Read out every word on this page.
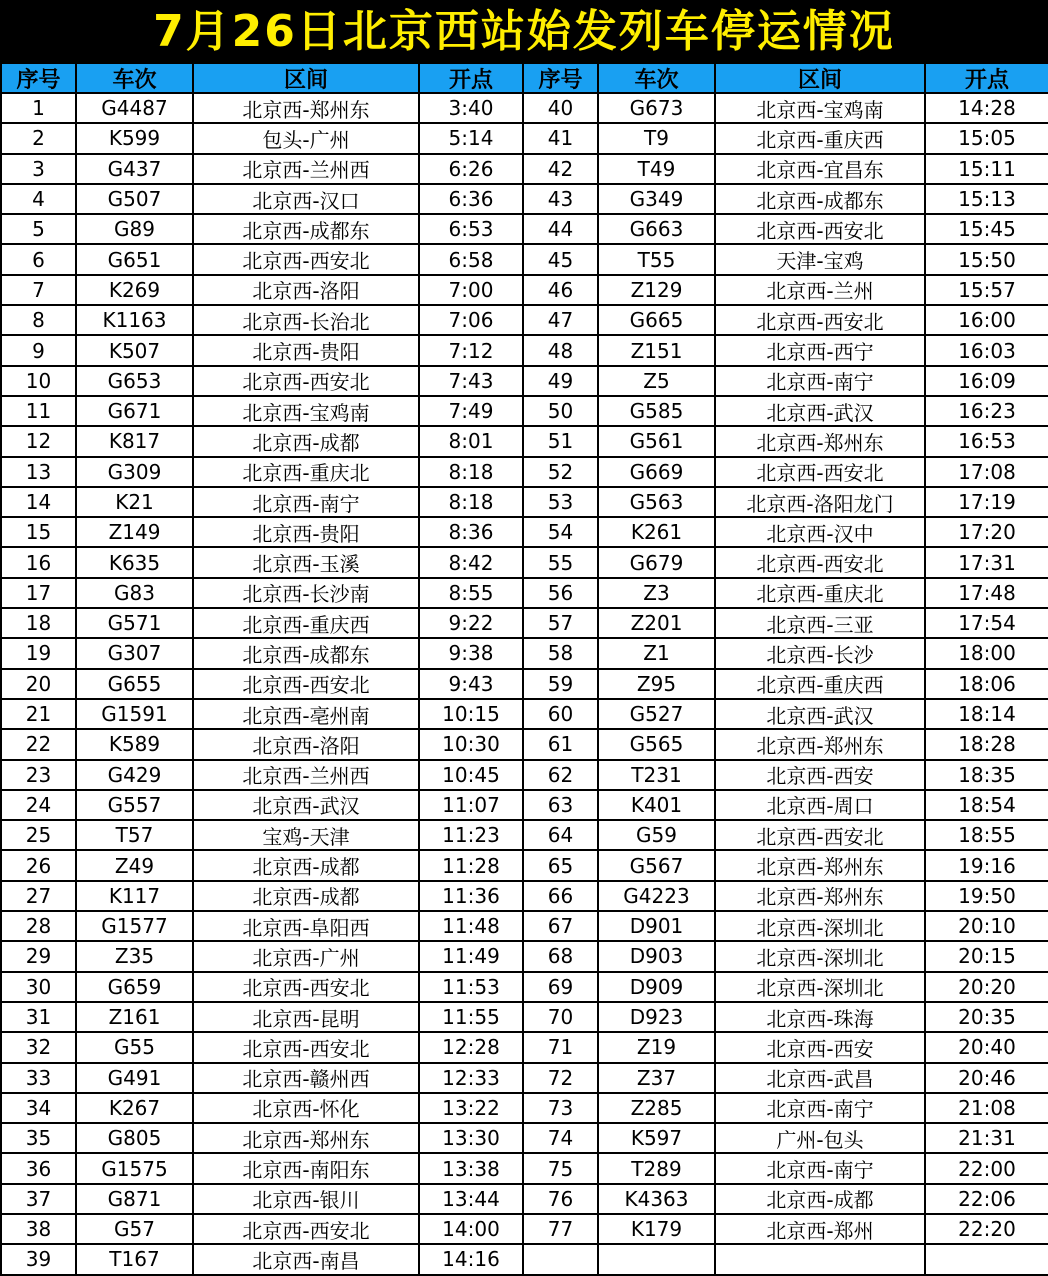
7月26日北京西站始发列车停运情况
序号	车次	区间	开点	序号	车次	区间	开点
1	G4487	北京西-郑州东	3:40	40	G673	北京西-宝鸡南	14:28
2	K599	包头-广州	5:14	41	T9	北京西-重庆西	15:05
3	G437	北京西-兰州西	6:26	42	T49	北京西-宜昌东	15:11
4	G507	北京西-汉口	6:36	43	G349	北京西-成都东	15:13
5	G89	北京西-成都东	6:53	44	G663	北京西-西安北	15:45
6	G651	北京西-西安北	6:58	45	T55	天津-宝鸡	15:50
7	K269	北京西-洛阳	7:00	46	Z129	北京西-兰州	15:57
8	K1163	北京西-长治北	7:06	47	G665	北京西-西安北	16:00
9	K507	北京西-贵阳	7:12	48	Z151	北京西-西宁	16:03
10	G653	北京西-西安北	7:43	49	Z5	北京西-南宁	16:09
11	G671	北京西-宝鸡南	7:49	50	G585	北京西-武汉	16:23
12	K817	北京西-成都	8:01	51	G561	北京西-郑州东	16:53
13	G309	北京西-重庆北	8:18	52	G669	北京西-西安北	17:08
14	K21	北京西-南宁	8:18	53	G563	北京西-洛阳龙门	17:19
15	Z149	北京西-贵阳	8:36	54	K261	北京西-汉中	17:20
16	K635	北京西-玉溪	8:42	55	G679	北京西-西安北	17:31
17	G83	北京西-长沙南	8:55	56	Z3	北京西-重庆北	17:48
18	G571	北京西-重庆西	9:22	57	Z201	北京西-三亚	17:54
19	G307	北京西-成都东	9:38	58	Z1	北京西-长沙	18:00
20	G655	北京西-西安北	9:43	59	Z95	北京西-重庆西	18:06
21	G1591	北京西-亳州南	10:15	60	G527	北京西-武汉	18:14
22	K589	北京西-洛阳	10:30	61	G565	北京西-郑州东	18:28
23	G429	北京西-兰州西	10:45	62	T231	北京西-西安	18:35
24	G557	北京西-武汉	11:07	63	K401	北京西-周口	18:54
25	T57	宝鸡-天津	11:23	64	G59	北京西-西安北	18:55
26	Z49	北京西-成都	11:28	65	G567	北京西-郑州东	19:16
27	K117	北京西-成都	11:36	66	G4223	北京西-郑州东	19:50
28	G1577	北京西-阜阳西	11:48	67	D901	北京西-深圳北	20:10
29	Z35	北京西-广州	11:49	68	D903	北京西-深圳北	20:15
30	G659	北京西-西安北	11:53	69	D909	北京西-深圳北	20:20
31	Z161	北京西-昆明	11:55	70	D923	北京西-珠海	20:35
32	G55	北京西-西安北	12:28	71	Z19	北京西-西安	20:40
33	G491	北京西-赣州西	12:33	72	Z37	北京西-武昌	20:46
34	K267	北京西-怀化	13:22	73	Z285	北京西-南宁	21:08
35	G805	北京西-郑州东	13:30	74	K597	广州-包头	21:31
36	G1575	北京西-南阳东	13:38	75	T289	北京西-南宁	22:00
37	G871	北京西-银川	13:44	76	K4363	北京西-成都	22:06
38	G57	北京西-西安北	14:00	77	K179	北京西-郑州	22:20
39	T167	北京西-南昌	14:16
